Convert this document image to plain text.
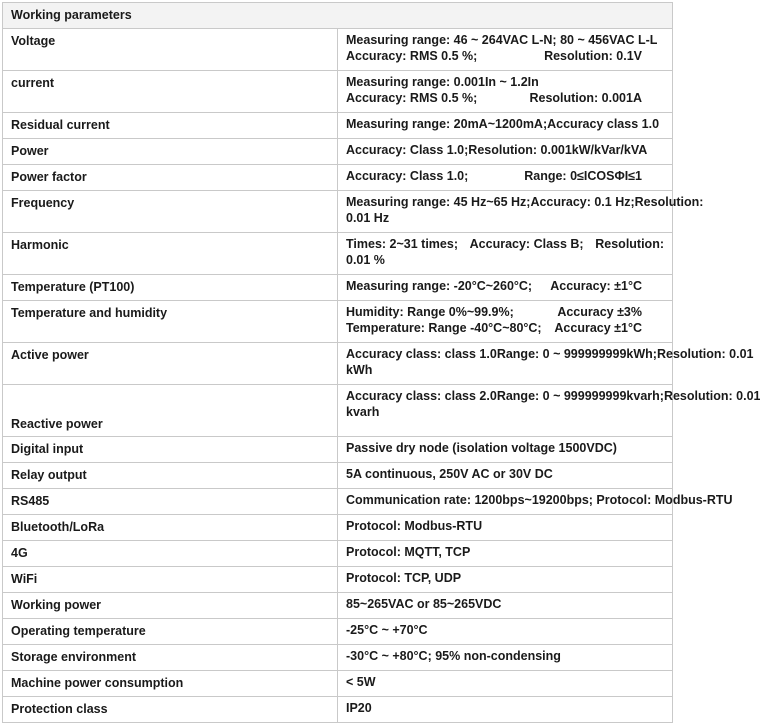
Working parameters	
Voltage	Measuring range: 46 ~ 264VAC L-N; 80 ~ 456VAC L-L
Accuracy: RMS 0.5 %; Resolution: 0.1V

current	Measuring range: 0.001In ~ 1.2In
Accuracy: RMS 0.5 %; Resolution: 0.001A

Residual current	Measuring range: 20mA~1200mA; Accuracy class 1.0

Power	Accuracy: Class 1.0; Resolution: 0.001kW/kVar/kVA

Power factor	Accuracy: Class 1.0; Range: 0≤ICOSΦI≤1

Frequency	Measuring range: 45 Hz~65 Hz; Accuracy: 0.1 Hz; Resolution:
0.01 Hz

Harmonic	Times: 2~31 times; Accuracy: Class B; Resolution:
0.01 %

Temperature (PT100)	Measuring range: -20°C~260°C; Accuracy: ±1°C

Temperature and humidity	Humidity: Range 0%~99.9%; Accuracy ±3%
Temperature: Range -40°C~80°C; Accuracy ±1°C

Active power	Accuracy class: class 1.0 Range: 0 ~ 999999999kWh; Resolution: 0.01
kWh

Reactive power	Accuracy class: class 2.0 Range: 0 ~ 999999999kvarh; Resolution: 0.01
kvarh

Digital input	Passive dry node (isolation voltage 1500VDC)

Relay output	5A continuous, 250V AC or 30V DC

RS485	Communication rate: 1200bps~19200bps; Protocol: Modbus-RTU

Bluetooth/LoRa	Protocol: Modbus-RTU

4G	Protocol: MQTT, TCP

WiFi	Protocol: TCP, UDP

Working power	85~265VAC or 85~265VDC

Operating temperature	-25°C ~ +70°C

Storage environment	-30°C ~ +80°C; 95% non-condensing

Machine power consumption	< 5W

Protection class	IP20
